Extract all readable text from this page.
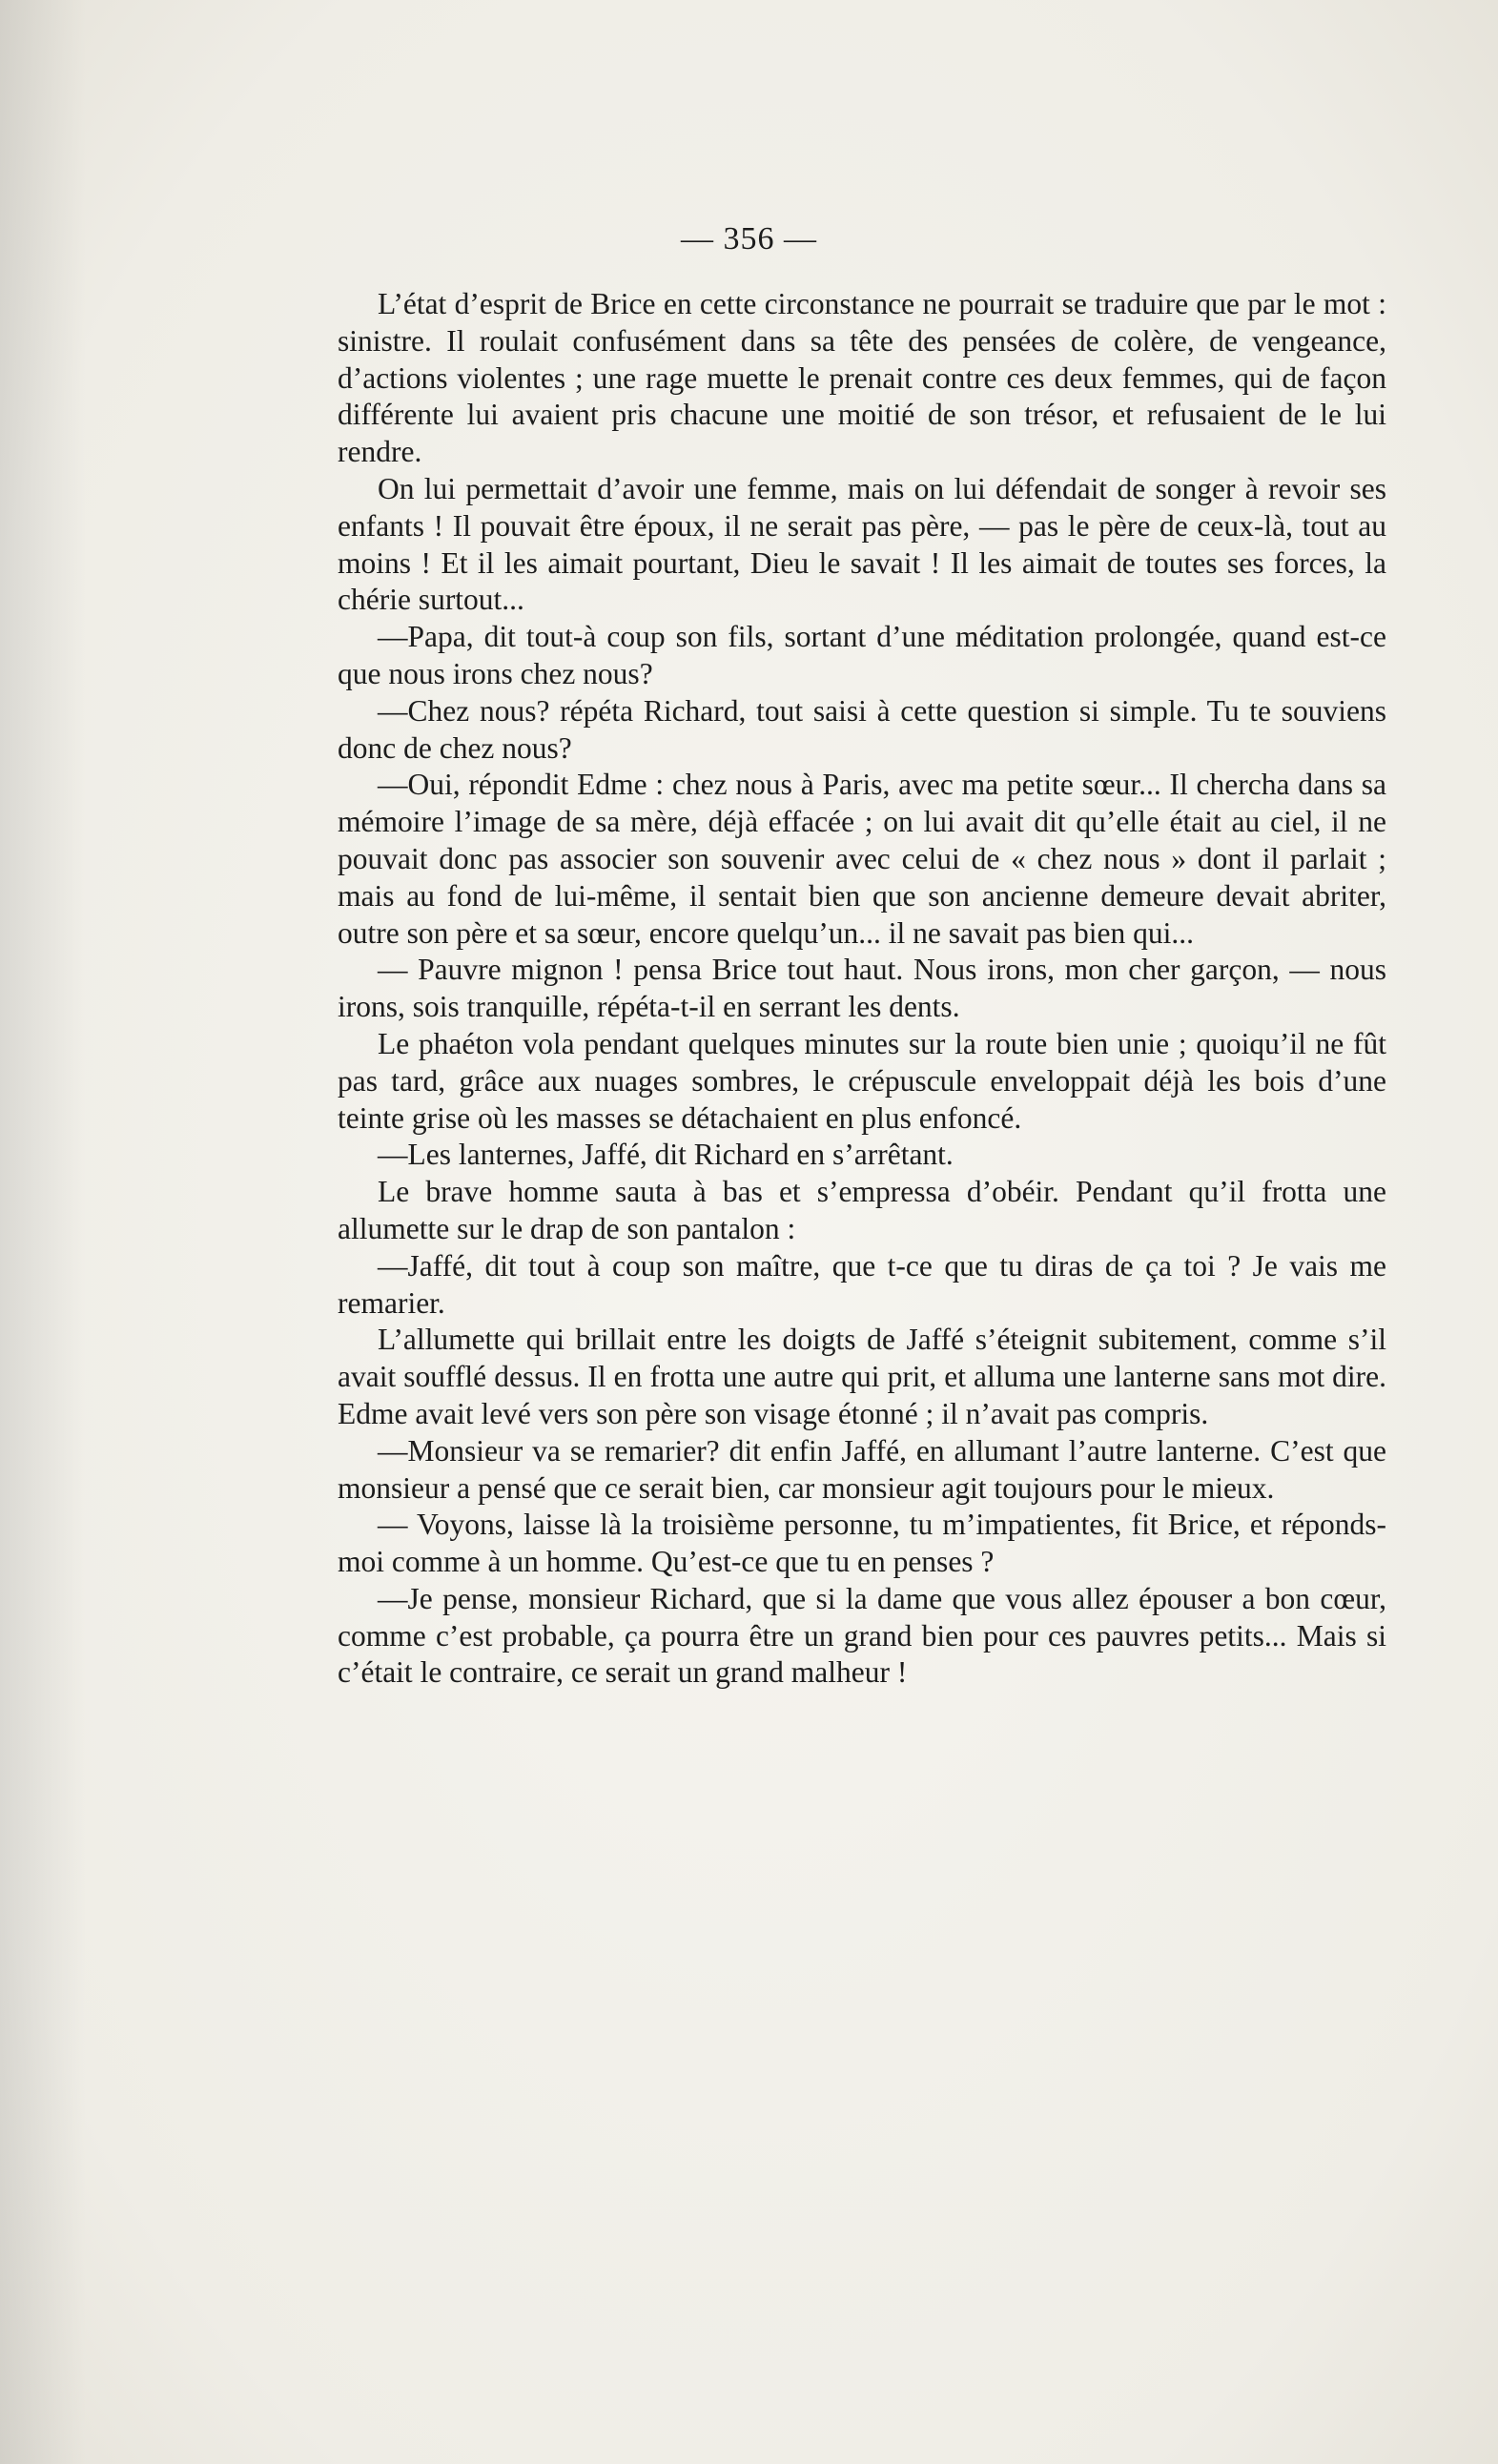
— 356 —

L’état d’esprit de Brice en cette circonstance ne pourrait se traduire que par le mot : sinistre. Il roulait confusément dans sa tête des pensées de colère, de vengeance, d’actions violentes ; une rage muette le prenait contre ces deux femmes, qui de façon différente lui avaient pris chacune une moitié de son trésor, et refusaient de le lui rendre.

On lui permettait d’avoir une femme, mais on lui défendait de songer à revoir ses enfants ! Il pouvait être époux, il ne serait pas père, — pas le père de ceux-là, tout au moins ! Et il les aimait pourtant, Dieu le savait ! Il les aimait de toutes ses forces, la chérie surtout...

—Papa, dit tout-à coup son fils, sortant d’une méditation prolongée, quand est-ce que nous irons chez nous?

—Chez nous? répéta Richard, tout saisi à cette question si simple. Tu te souviens donc de chez nous?

—Oui, répondit Edme : chez nous à Paris, avec ma petite sœur... Il chercha dans sa mémoire l’image de sa mère, déjà effacée ; on lui avait dit qu’elle était au ciel, il ne pouvait donc pas associer son souvenir avec celui de « chez nous » dont il parlait ; mais au fond de lui-même, il sentait bien que son ancienne demeure devait abriter, outre son père et sa sœur, encore quelqu’un... il ne savait pas bien qui...

— Pauvre mignon ! pensa Brice tout haut. Nous irons, mon cher garçon, — nous irons, sois tranquille, répéta-t-il en serrant les dents.

Le phaéton vola pendant quelques minutes sur la route bien unie ; quoiqu’il ne fût pas tard, grâce aux nuages sombres, le crépuscule enveloppait déjà les bois d’une teinte grise où les masses se détachaient en plus enfoncé.

—Les lanternes, Jaffé, dit Richard en s’arrêtant.

Le brave homme sauta à bas et s’empressa d’obéir. Pendant qu’il frotta une allumette sur le drap de son pantalon :

—Jaffé, dit tout à coup son maître, que t-ce que tu diras de ça toi ? Je vais me remarier.

L’allumette qui brillait entre les doigts de Jaffé s’éteignit subitement, comme s’il avait soufflé dessus. Il en frotta une autre qui prit, et alluma une lanterne sans mot dire. Edme avait levé vers son père son visage étonné ; il n’avait pas compris.

—Monsieur va se remarier? dit enfin Jaffé, en allumant l’autre lanterne. C’est que monsieur a pensé que ce serait bien, car monsieur agit toujours pour le mieux.

— Voyons, laisse là la troisième personne, tu m’impatientes, fit Brice, et réponds-moi comme à un homme. Qu’est-ce que tu en penses ?

—Je pense, monsieur Richard, que si la dame que vous allez épouser a bon cœur, comme c’est probable, ça pourra être un grand bien pour ces pauvres petits... Mais si c’était le contraire, ce serait un grand malheur !
